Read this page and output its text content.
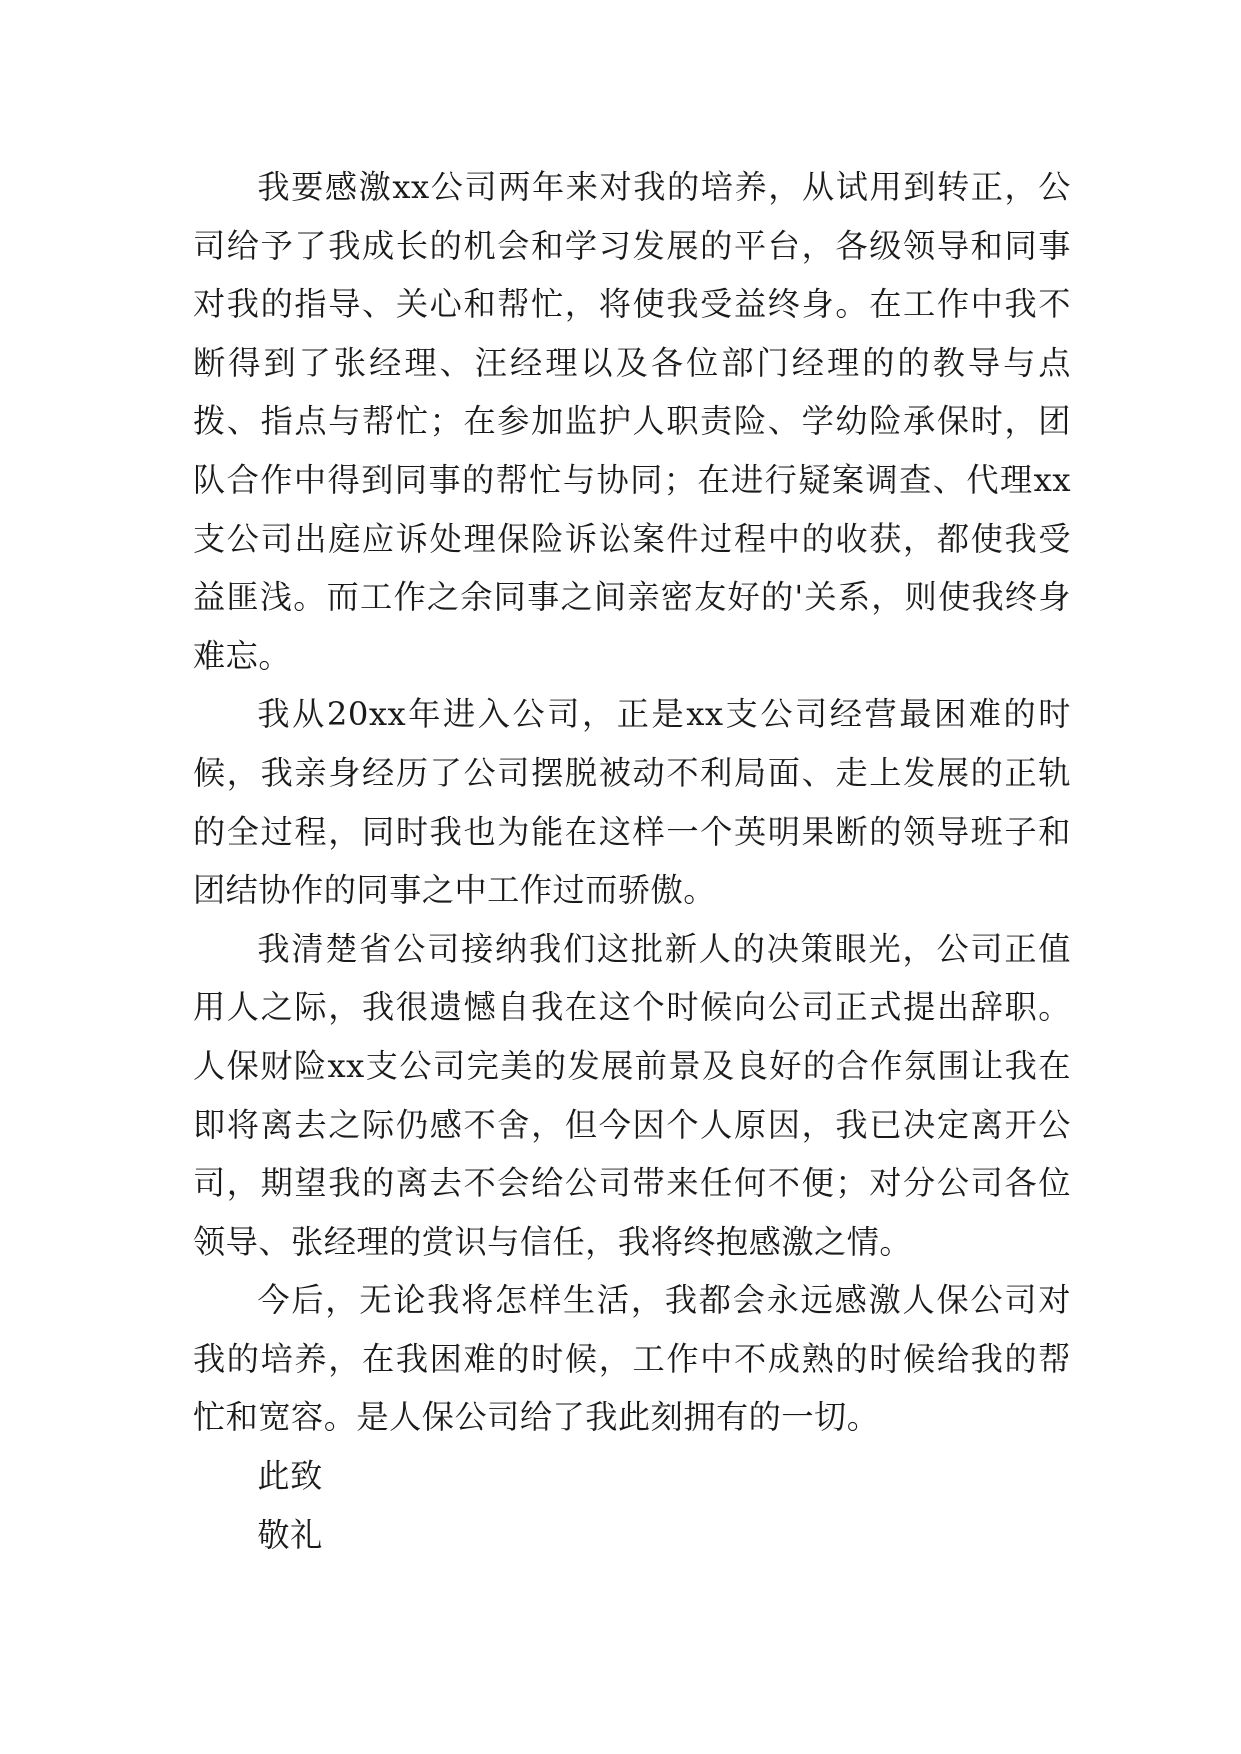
我要感激xx公司两年来对我的培养，从试用到转正，公司给予了我成长的机会和学习发展的平台，各级领导和同事对我的指导、关心和帮忙，将使我受益终身。在工作中我不断得到了张经理、汪经理以及各位部门经理的的教导与点拨、指点与帮忙；在参加监护人职责险、学幼险承保时，团队合作中得到同事的帮忙与协同；在进行疑案调查、代理xx支公司出庭应诉处理保险诉讼案件过程中的收获，都使我受益匪浅。而工作之余同事之间亲密友好的'关系，则使我终身难忘。

我从20xx年进入公司，正是xx支公司经营最困难的时候，我亲身经历了公司摆脱被动不利局面、走上发展的正轨的全过程，同时我也为能在这样一个英明果断的领导班子和团结协作的同事之中工作过而骄傲。

我清楚省公司接纳我们这批新人的决策眼光，公司正值用人之际，我很遗憾自我在这个时候向公司正式提出辞职。人保财险xx支公司完美的发展前景及良好的合作氛围让我在即将离去之际仍感不舍，但今因个人原因，我已决定离开公司，期望我的离去不会给公司带来任何不便；对分公司各位领导、张经理的赏识与信任，我将终抱感激之情。

今后，无论我将怎样生活，我都会永远感激人保公司对我的培养，在我困难的时候，工作中不成熟的时候给我的帮忙和宽容。是人保公司给了我此刻拥有的一切。

此致

敬礼
